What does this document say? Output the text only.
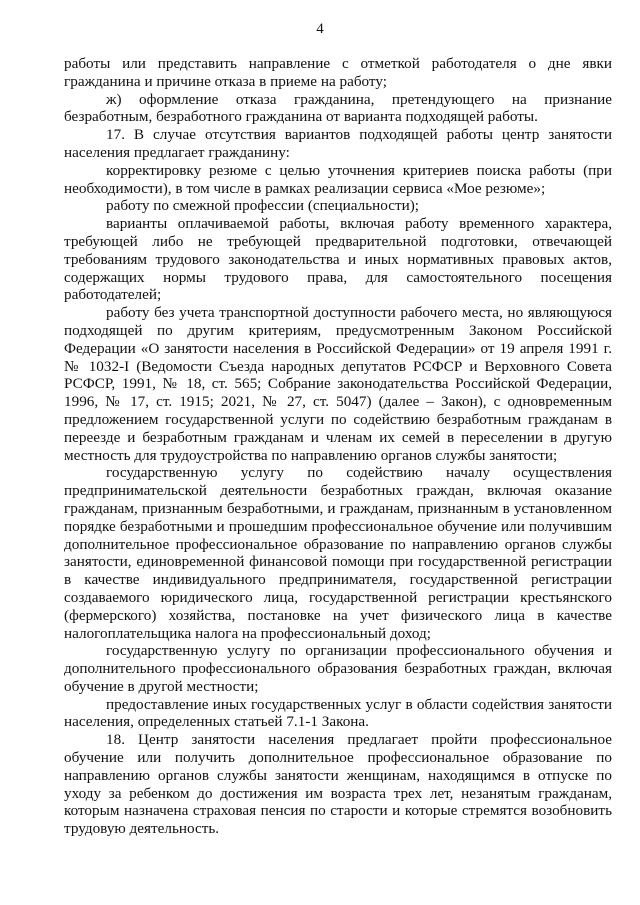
4

работы или представить направление с отметкой работодателя о дне явки гражданина и причине отказа в приеме на работу;

ж) оформление отказа гражданина, претендующего на признание безработным, безработного гражданина от варианта подходящей работы.

17. В случае отсутствия вариантов подходящей работы центр занятости населения предлагает гражданину:

корректировку резюме с целью уточнения критериев поиска работы (при необходимости), в том числе в рамках реализации сервиса «Мое резюме»;

работу по смежной профессии (специальности);

варианты оплачиваемой работы, включая работу временного характера, требующей либо не требующей предварительной подготовки, отвечающей требованиям трудового законодательства и иных нормативных правовых актов, содержащих нормы трудового права, для самостоятельного посещения работодателей;

работу без учета транспортной доступности рабочего места, но являющуюся подходящей по другим критериям, предусмотренным Законом Российской Федерации «О занятости населения в Российской Федерации» от 19 апреля 1991 г. № 1032-I (Ведомости Съезда народных депутатов РСФСР и Верховного Совета РСФСР, 1991, № 18, ст. 565; Собрание законодательства Российской Федерации, 1996, № 17, ст. 1915; 2021, № 27, ст. 5047) (далее – Закон), с одновременным предложением государственной услуги по содействию безработным гражданам в переезде и безработным гражданам и членам их семей в переселении в другую местность для трудоустройства по направлению органов службы занятости;

государственную услугу по содействию началу осуществления предпринимательской деятельности безработных граждан, включая оказание гражданам, признанным безработными, и гражданам, признанным в установленном порядке безработными и прошедшим профессиональное обучение или получившим дополнительное профессиональное образование по направлению органов службы занятости, единовременной финансовой помощи при государственной регистрации в качестве индивидуального предпринимателя, государственной регистрации создаваемого юридического лица, государственной регистрации крестьянского (фермерского) хозяйства, постановке на учет физического лица в качестве налогоплательщика налога на профессиональный доход;

государственную услугу по организации профессионального обучения и дополнительного профессионального образования безработных граждан, включая обучение в другой местности;

предоставление иных государственных услуг в области содействия занятости населения, определенных статьей 7.1-1 Закона.

18. Центр занятости населения предлагает пройти профессиональное обучение или получить дополнительное профессиональное образование по направлению органов службы занятости женщинам, находящимся в отпуске по уходу за ребенком до достижения им возраста трех лет, незанятым гражданам, которым назначена страховая пенсия по старости и которые стремятся возобновить трудовую деятельность.
